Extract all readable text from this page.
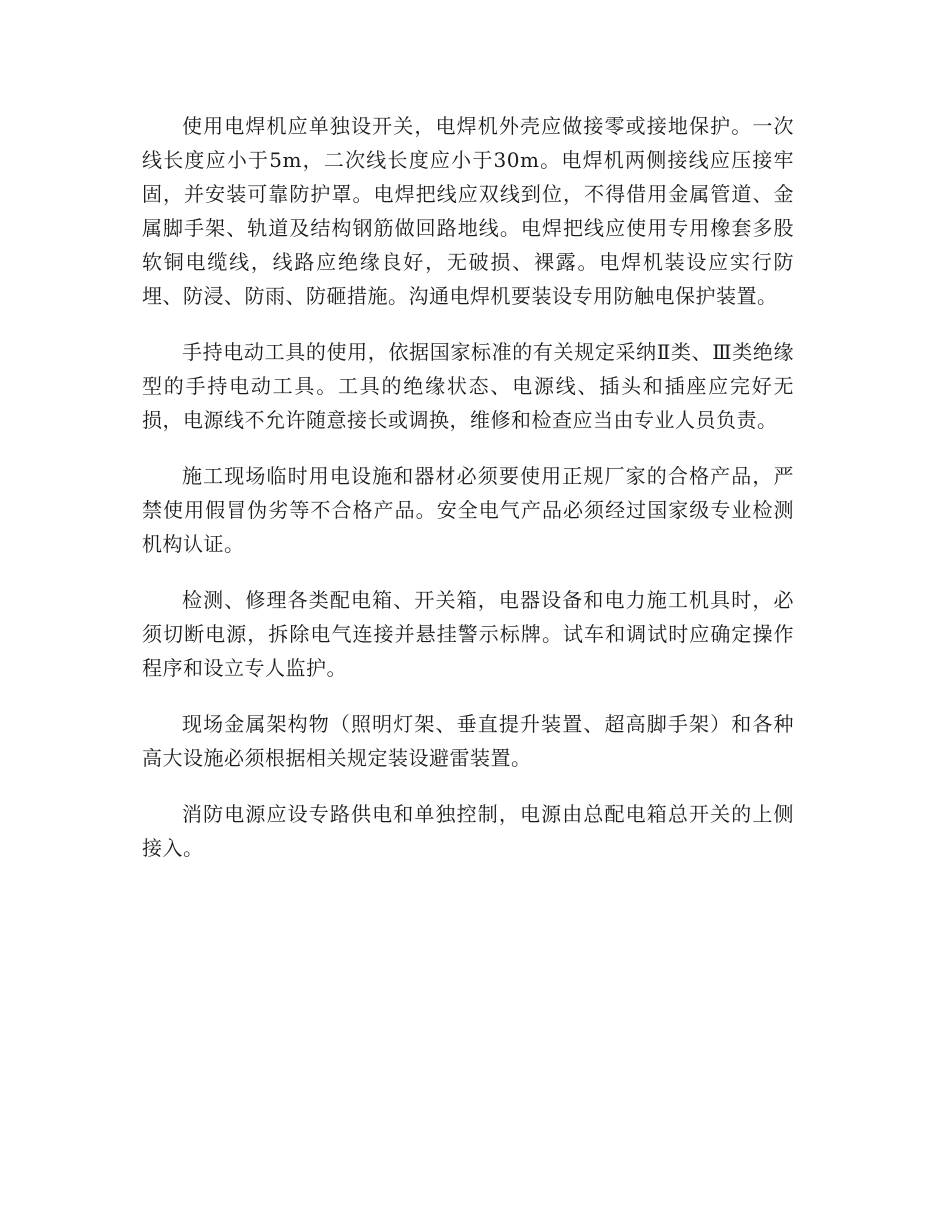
使用电焊机应单独设开关，电焊机外壳应做接零或接地保护。一次线长度应小于5m，二次线长度应小于30m。电焊机两侧接线应压接牢固，并安装可靠防护罩。电焊把线应双线到位，不得借用金属管道、金属脚手架、轨道及结构钢筋做回路地线。电焊把线应使用专用橡套多股软铜电缆线，线路应绝缘良好，无破损、裸露。电焊机装设应实行防埋、防浸、防雨、防砸措施。沟通电焊机要装设专用防触电保护装置。

手持电动工具的使用，依据国家标准的有关规定采纳Ⅱ类、Ⅲ类绝缘型的手持电动工具。工具的绝缘状态、电源线、插头和插座应完好无损，电源线不允许随意接长或调换，维修和检查应当由专业人员负责。

施工现场临时用电设施和器材必须要使用正规厂家的合格产品，严禁使用假冒伪劣等不合格产品。安全电气产品必须经过国家级专业检测机构认证。

检测、修理各类配电箱、开关箱，电器设备和电力施工机具时，必须切断电源，拆除电气连接并悬挂警示标牌。试车和调试时应确定操作程序和设立专人监护。

现场金属架构物（照明灯架、垂直提升装置、超高脚手架）和各种高大设施必须根据相关规定装设避雷装置。

消防电源应设专路供电和单独控制，电源由总配电箱总开关的上侧接入。
